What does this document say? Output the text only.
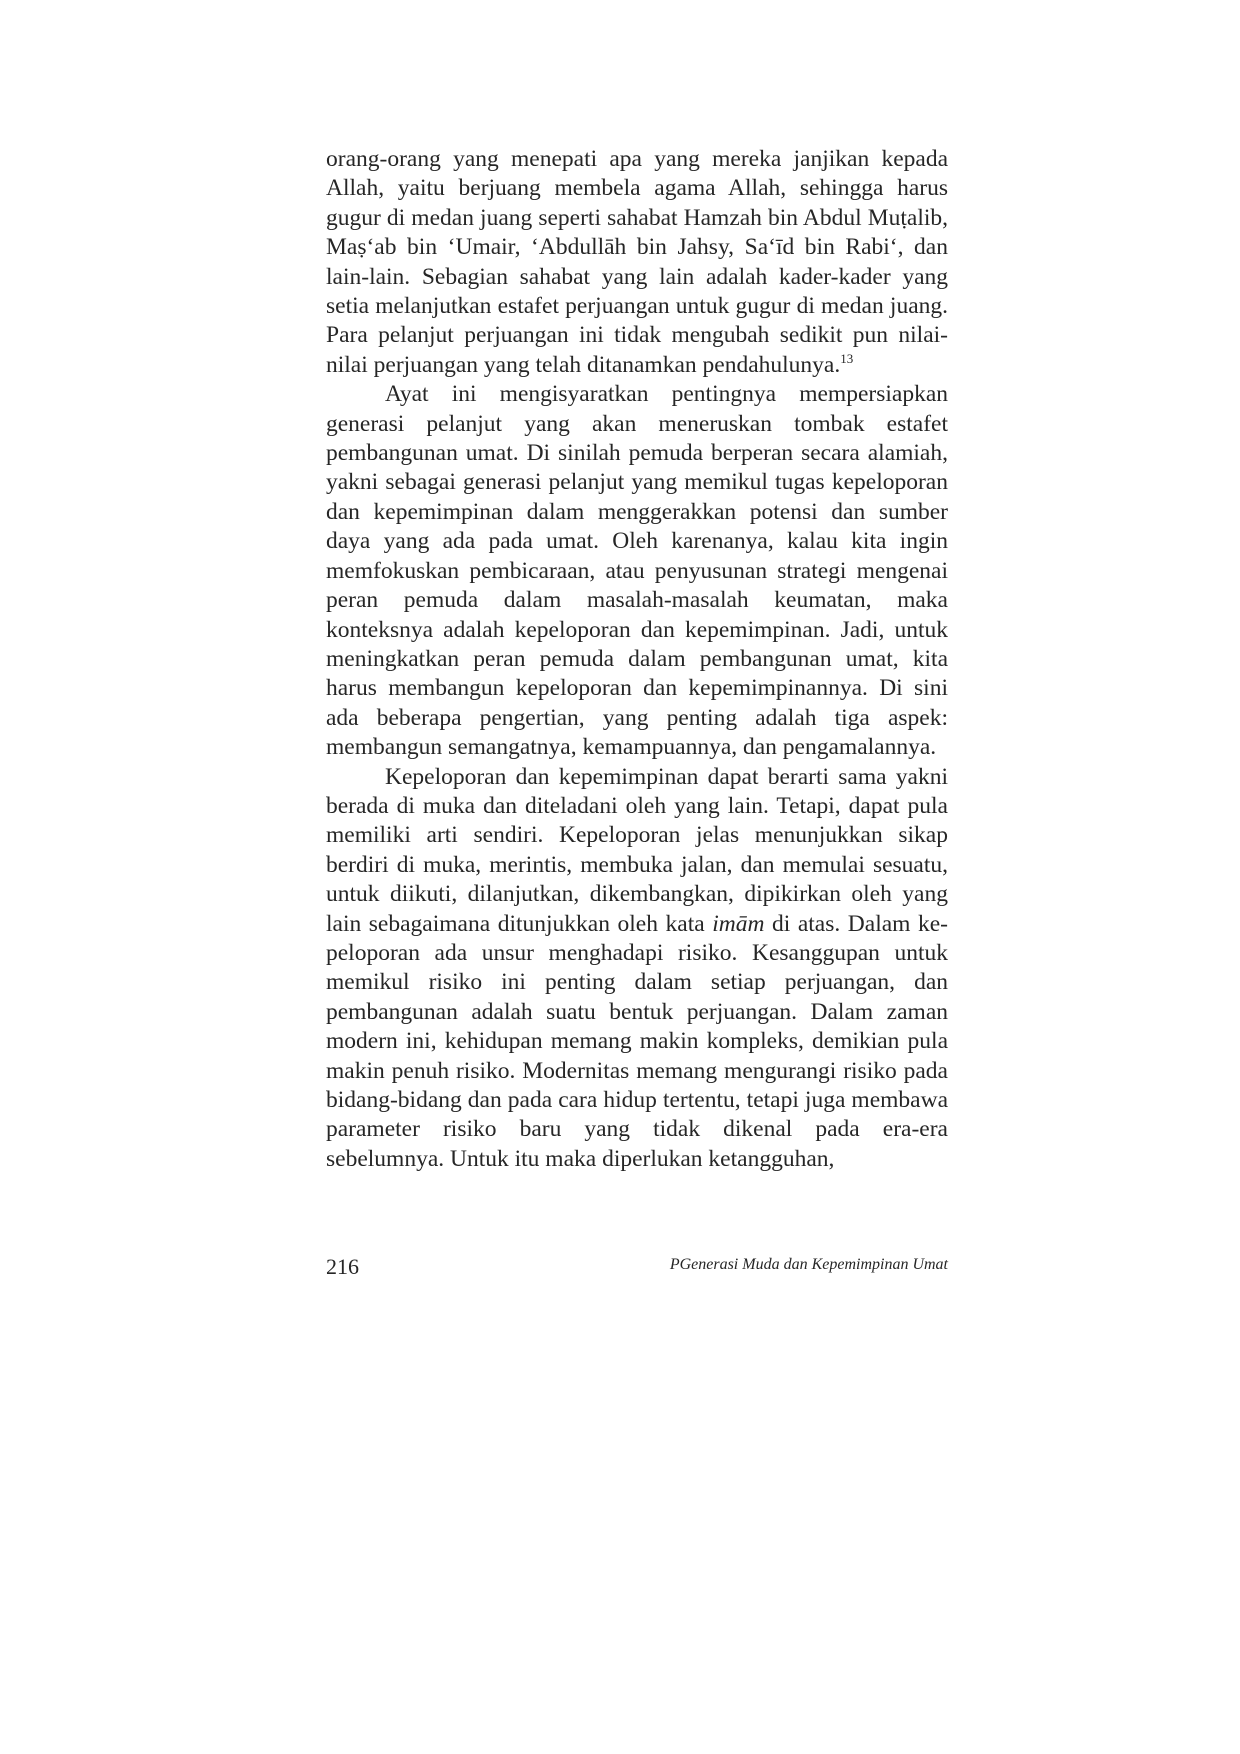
orang-orang yang menepati apa yang mereka janjikan kepada Allah, yaitu berjuang membela agama Allah, sehingga harus gugur di medan juang seperti sahabat Hamzah bin Abdul Muṭalib, Maṣ‘ab bin ‘Umair, ‘Abdullāh bin Jahsy, Sa‘īd bin Rabi‘, dan lain-lain. Sebagian sahabat yang lain adalah kader-kader yang setia melanjutkan estafet perjuangan untuk gugur di medan juang. Para pelanjut perjuangan ini tidak mengubah sedikit pun nilai-nilai perjuangan yang telah ditanamkan pendahulunya.$^{13}$

Ayat ini mengisyaratkan pentingnya mempersiapkan generasi pelanjut yang akan meneruskan tombak estafet pembangunan umat. Di sinilah pemuda berperan secara alamiah, yakni sebagai generasi pelanjut yang memikul tugas kepeloporan dan kepemimpinan dalam menggerakkan potensi dan sumber daya yang ada pada umat. Oleh karenanya, kalau kita ingin memfokuskan pembicaraan, atau penyusunan strategi mengenai peran pemuda dalam masalah-masalah keumatan, maka konteksnya adalah kepeloporan dan kepemimpinan. Jadi, untuk meningkatkan peran pemuda dalam pembangunan umat, kita harus membangun kepeloporan dan kepemimpinannya. Di sini ada beberapa pengertian, yang penting adalah tiga aspek: membangun semangatnya, kemampuannya, dan pengamalannya.

Kepeloporan dan kepemimpinan dapat berarti sama yakni berada di muka dan diteladani oleh yang lain. Tetapi, dapat pula memiliki arti sendiri. Kepeloporan jelas menunjukkan sikap berdiri di muka, merintis, membuka jalan, dan memulai sesuatu, untuk diikuti, dilanjutkan, dikembangkan, dipikirkan oleh yang lain sebagaimana ditunjukkan oleh kata imām di atas. Dalam kepeloporan ada unsur menghadapi risiko. Kesanggupan untuk memikul risiko ini penting dalam setiap perjuangan, dan pembangunan adalah suatu bentuk perjuangan. Dalam zaman modern ini, kehidupan memang makin kompleks, demikian pula makin penuh risiko. Modernitas memang mengurangi risiko pada bidang-bidang dan pada cara hidup tertentu, tetapi juga membawa parameter risiko baru yang tidak dikenal pada era-era sebelumnya. Untuk itu maka diperlukan ketangguhan,

216	PGenerasi Muda dan Kepemimpinan Umat
